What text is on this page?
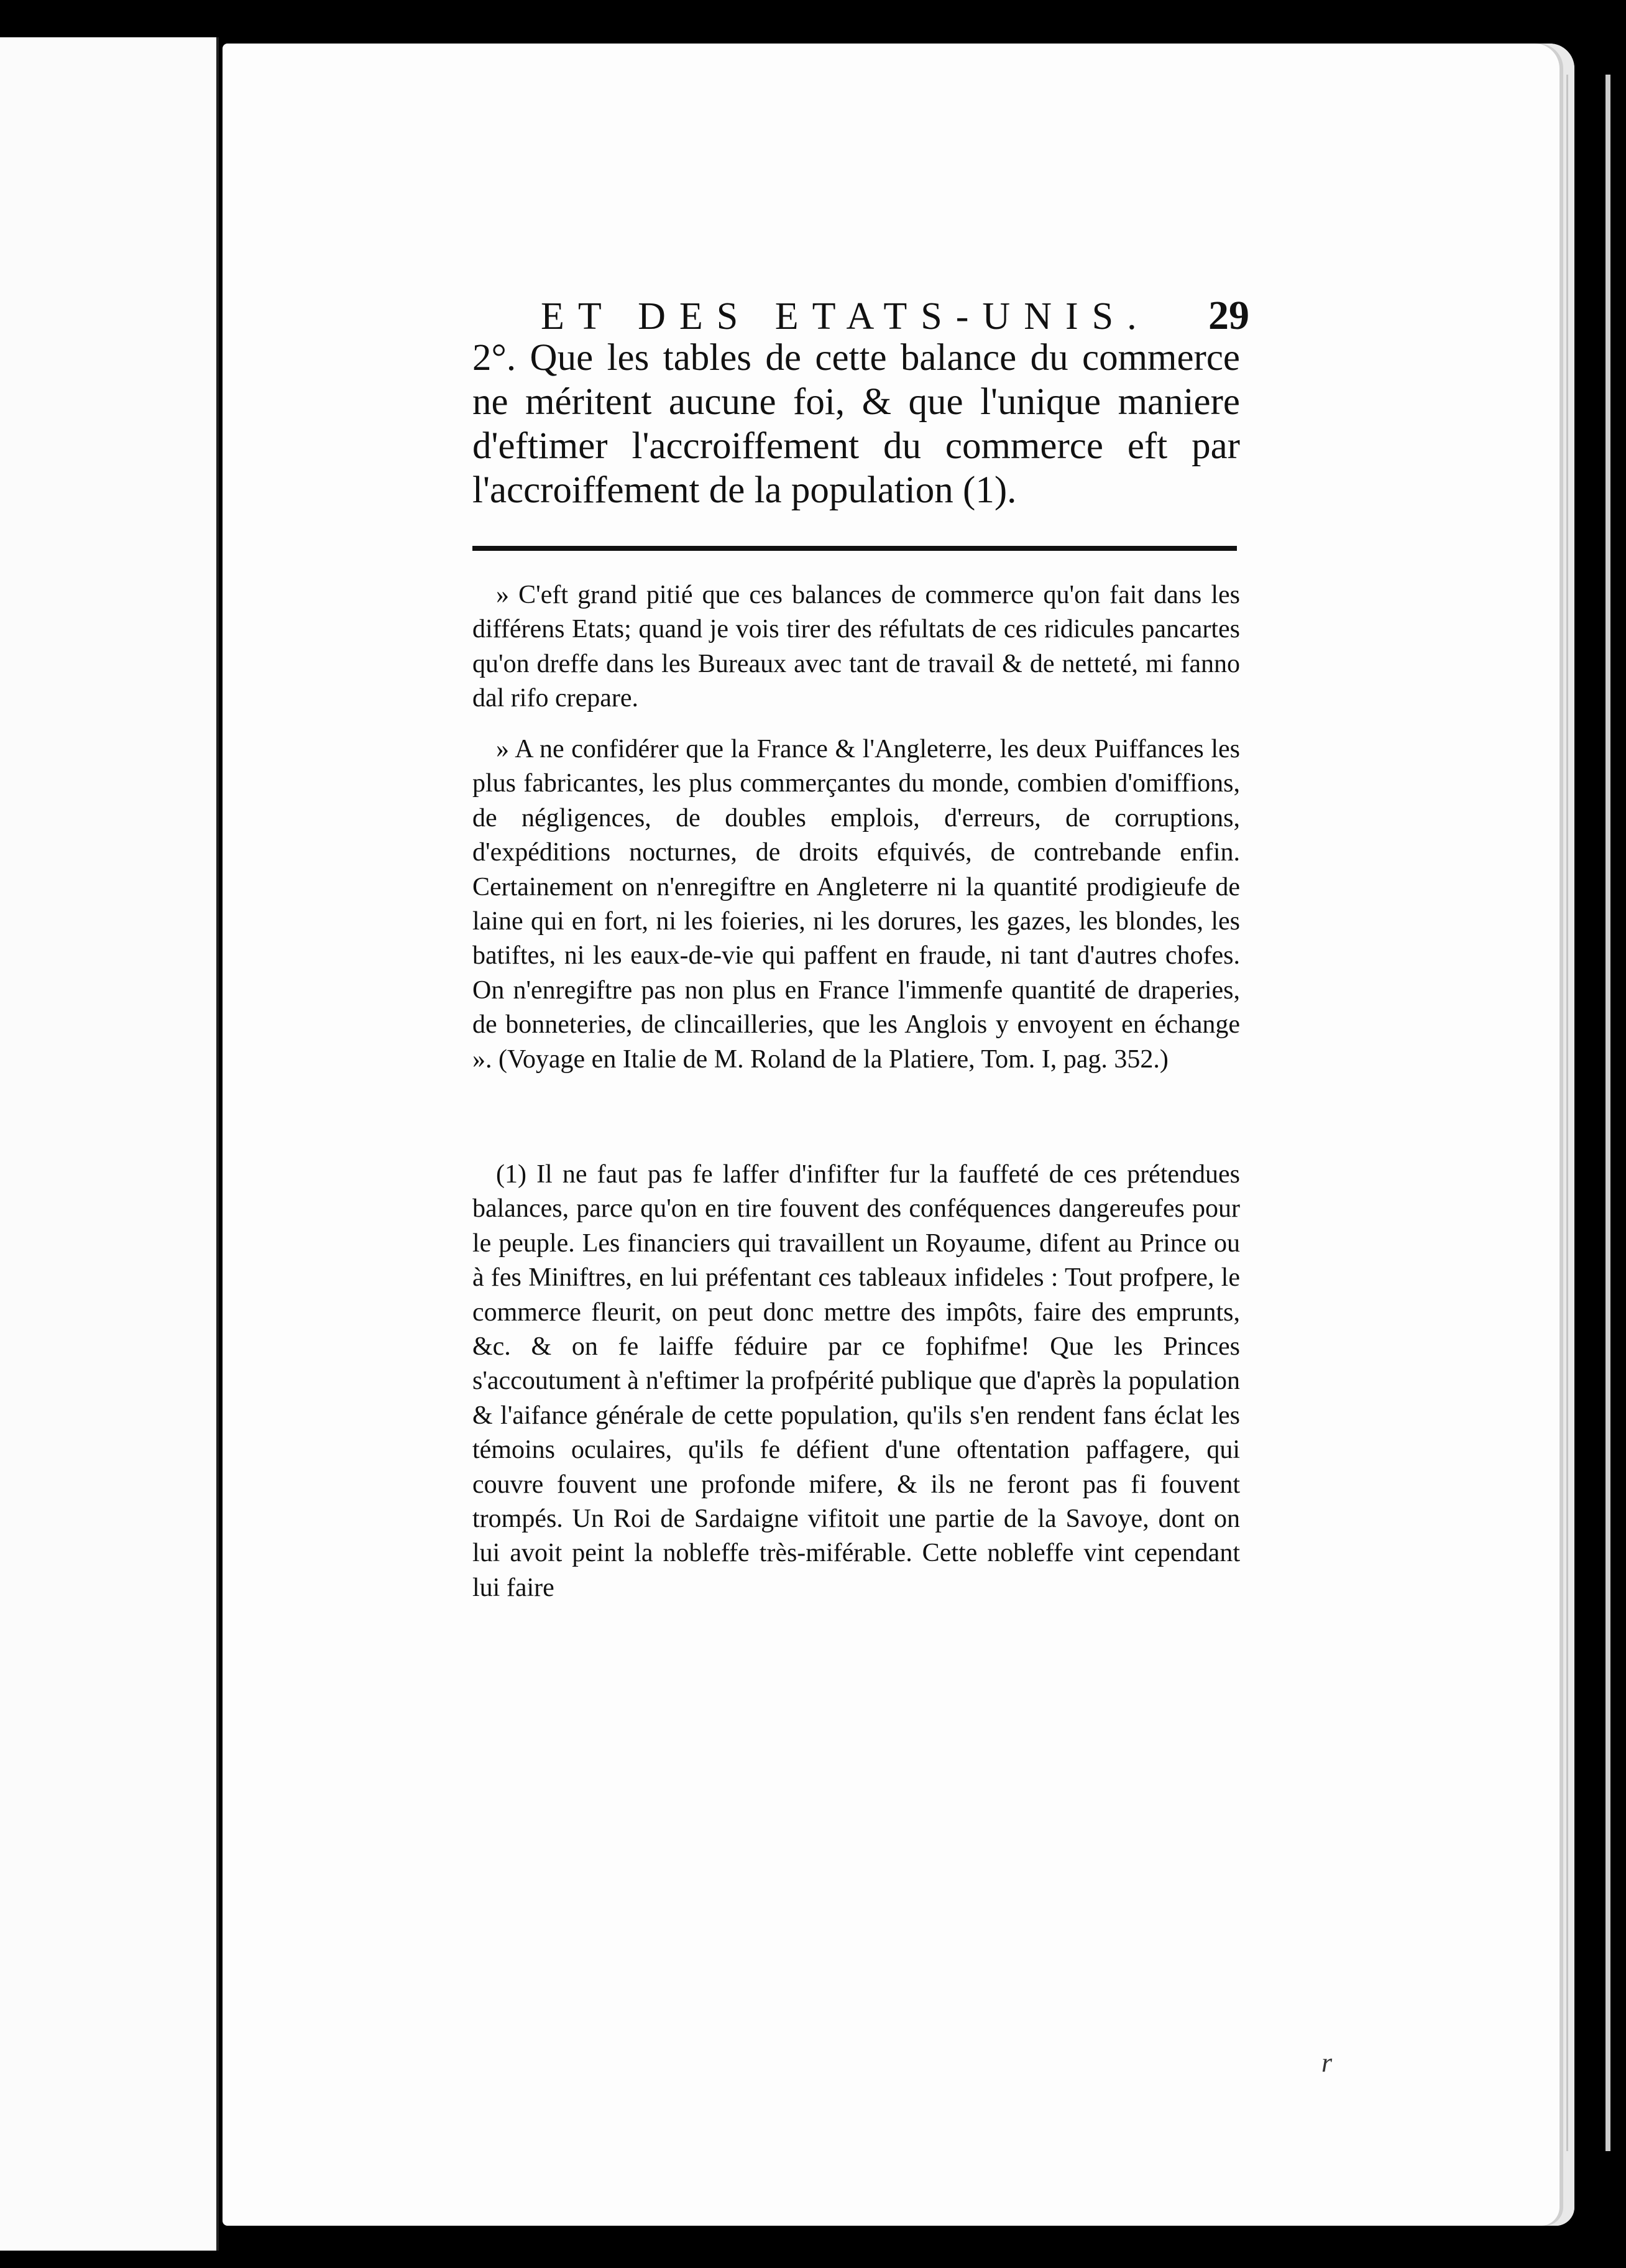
ET DES ETATS-UNIS. 29
2°. Que les tables de cette balance du commerce ne méritent aucune foi, & que l'unique maniere d'eftimer l'accroiffement du commerce eft par l'accroiffement de la population (1).
» C'eft grand pitié que ces balances de commerce qu'on fait dans les différens Etats; quand je vois tirer des réfultats de ces ridicules pancartes qu'on dreffe dans les Bureaux avec tant de travail & de netteté, mi fanno dal rifo crepare.
» A ne confidérer que la France & l'Angleterre, les deux Puiffances les plus fabricantes, les plus commerçantes du monde, combien d'omiffions, de négligences, de doubles emplois, d'erreurs, de corruptions, d'expéditions nocturnes, de droits efquivés, de contrebande enfin. Certainement on n'enregiftre en Angleterre ni la quantité prodigieufe de laine qui en fort, ni les foieries, ni les dorures, les gazes, les blondes, les batiftes, ni les eaux-de-vie qui paffent en fraude, ni tant d'autres chofes. On n'enregiftre pas non plus en France l'immenfe quantité de draperies, de bonneteries, de clincailleries, que les Anglois y envoyent en échange ». (Voyage en Italie de M. Roland de la Platiere, Tom. I, pag. 352.)
(1) Il ne faut pas fe laffer d'infifter fur la fauffeté de ces prétendues balances, parce qu'on en tire fouvent des conféquences dangereufes pour le peuple. Les financiers qui travaillent un Royaume, difent au Prince ou à fes Miniftres, en lui préfentant ces tableaux infideles : Tout profpere, le commerce fleurit, on peut donc mettre des impôts, faire des emprunts, &c. & on fe laiffe féduire par ce fophifme! Que les Princes s'accoutument à n'eftimer la profpérité publique que d'après la population & l'aifance générale de cette population, qu'ils s'en rendent fans éclat les témoins oculaires, qu'ils fe défient d'une oftentation paffagere, qui couvre fouvent une profonde mifere, & ils ne feront pas fi fouvent trompés. Un Roi de Sardaigne vifitoit une partie de la Savoye, dont on lui avoit peint la nobleffe très-miférable. Cette nobleffe vint cependant lui faire
r
